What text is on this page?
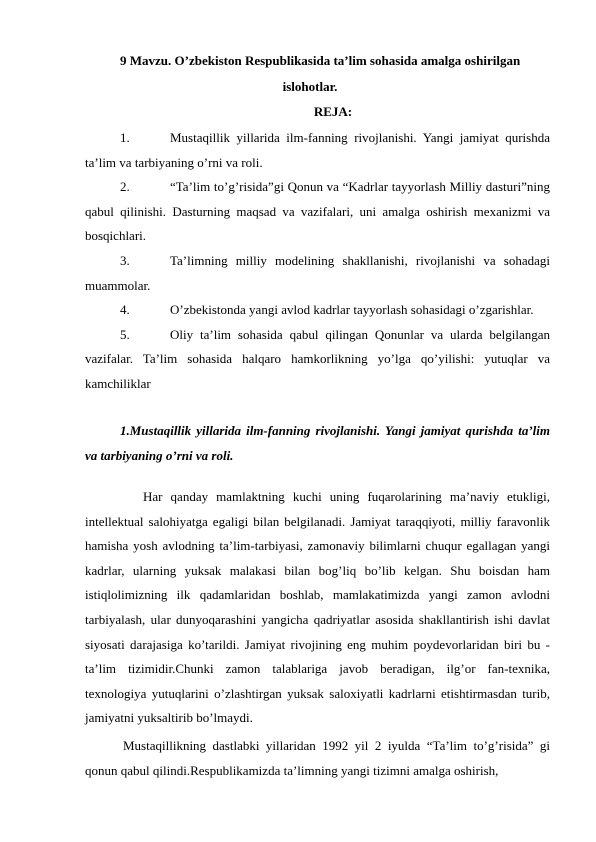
9 Mavzu. O’zbekiston Respublikasida ta’lim sohasida amalga oshirilgan
islohotlar.
REJA:

1.	Mustaqillik yillarida ilm-fanning rivojlanishi. Yangi jamiyat qurishda ta’lim va tarbiyaning o’rni va roli.

2.	“Ta’lim to’g’risida”gi Qonun va “Kadrlar tayyorlash Milliy dasturi”ning qabul qilinishi. Dasturning maqsad va vazifalari, uni amalga oshirish mexanizmi va bosqichlari.

3.	Ta’limning milliy modelining shakllanishi, rivojlanishi va sohadagi muammolar.

4.	O’zbekistonda yangi avlod kadrlar tayyorlash sohasidagi o’zgarishlar.

5.	Oliy ta’lim sohasida qabul qilingan Qonunlar va ularda belgilangan vazifalar. Ta’lim sohasida halqaro hamkorlikning yo’lga qo’yilishi: yutuqlar va kamchiliklar

1.Mustaqillik yillarida ilm-fanning rivojlanishi. Yangi jamiyat qurishda ta’lim va tarbiyaning o’rni va roli.

Har qanday mamlaktning kuchi uning fuqarolarining ma’naviy etukligi, intellektual salohiyatga egaligi bilan belgilanadi. Jamiyat taraqqiyoti, milliy faravonlik hamisha yosh avlodning ta’lim-tarbiyasi, zamonaviy bilimlarni chuqur egallagan yangi kadrlar, ularning yuksak malakasi bilan bog’liq bo’lib kelgan. Shu boisdan ham istiqlolimizning ilk qadamlaridan boshlab, mamlakatimizda yangi zamon avlodni tarbiyalash, ular dunyoqarashini yangicha qadriyatlar asosida shakllantirish ishi davlat siyosati darajasiga ko’tarildi. Jamiyat rivojining eng muhim poydevorlaridan biri bu -ta’lim tizimidir.Chunki zamon talablariga javob beradigan, ilg’or fan-texnika, texnologiya yutuqlarini o’zlashtirgan yuksak saloxiyatli kadrlarni etishtirmasdan turib, jamiyatni yuksaltirib bo’lmaydi.

Mustaqillikning dastlabki yillaridan 1992 yil 2 iyulda “Ta’lim to’g’risida” gi qonun qabul qilindi.Respublikamizda ta’limning yangi tizimni amalga oshirish,
